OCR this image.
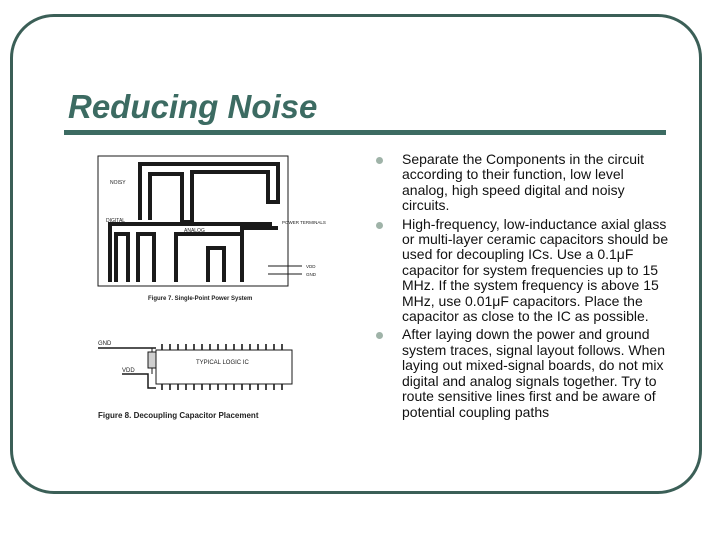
Reducing Noise
NOISY
DIGITAL
ANALOG
POWER TERMINALS
VDD
GND
Figure 7. Single-Point Power System
GND
VDD
TYPICAL LOGIC IC
Figure 8. Decoupling Capacitor Placement
Separate the Components in the circuit according to their function, low level analog, high speed digital and noisy circuits.
High-frequency, low-inductance axial glass or multi-layer ceramic capacitors should be used for decoupling ICs. Use a 0.1μF capacitor for system frequencies up to 15 MHz. If the system frequency is above 15 MHz, use 0.01μF capacitors. Place the capacitor as close to the IC as possible.
After laying down the power and ground system traces, signal layout follows. When laying out mixed-signal boards, do not mix digital and analog signals together. Try to route sensitive lines first and be aware of potential coupling paths
